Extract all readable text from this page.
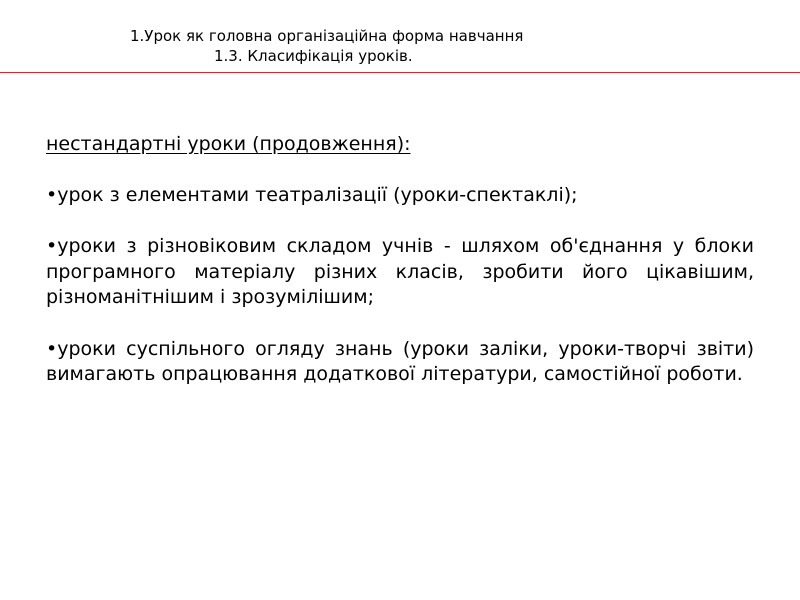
1.Урок як головна організаційна форма навчання
1.3. Класифікація уроків.
нестандартні уроки (продовження):
•урок з елементами театралізації (уроки-спектаклі);
•уроки з різновіковим складом учнів - шляхом об'єднання у блоки програмного матеріалу різних класів, зробити його цікавішим, різноманітнішим і зрозумілішим;
•уроки суспільного огляду знань (уроки заліки, уроки-творчі звіти) вимагають опрацювання додаткової літератури, самостійної роботи.
